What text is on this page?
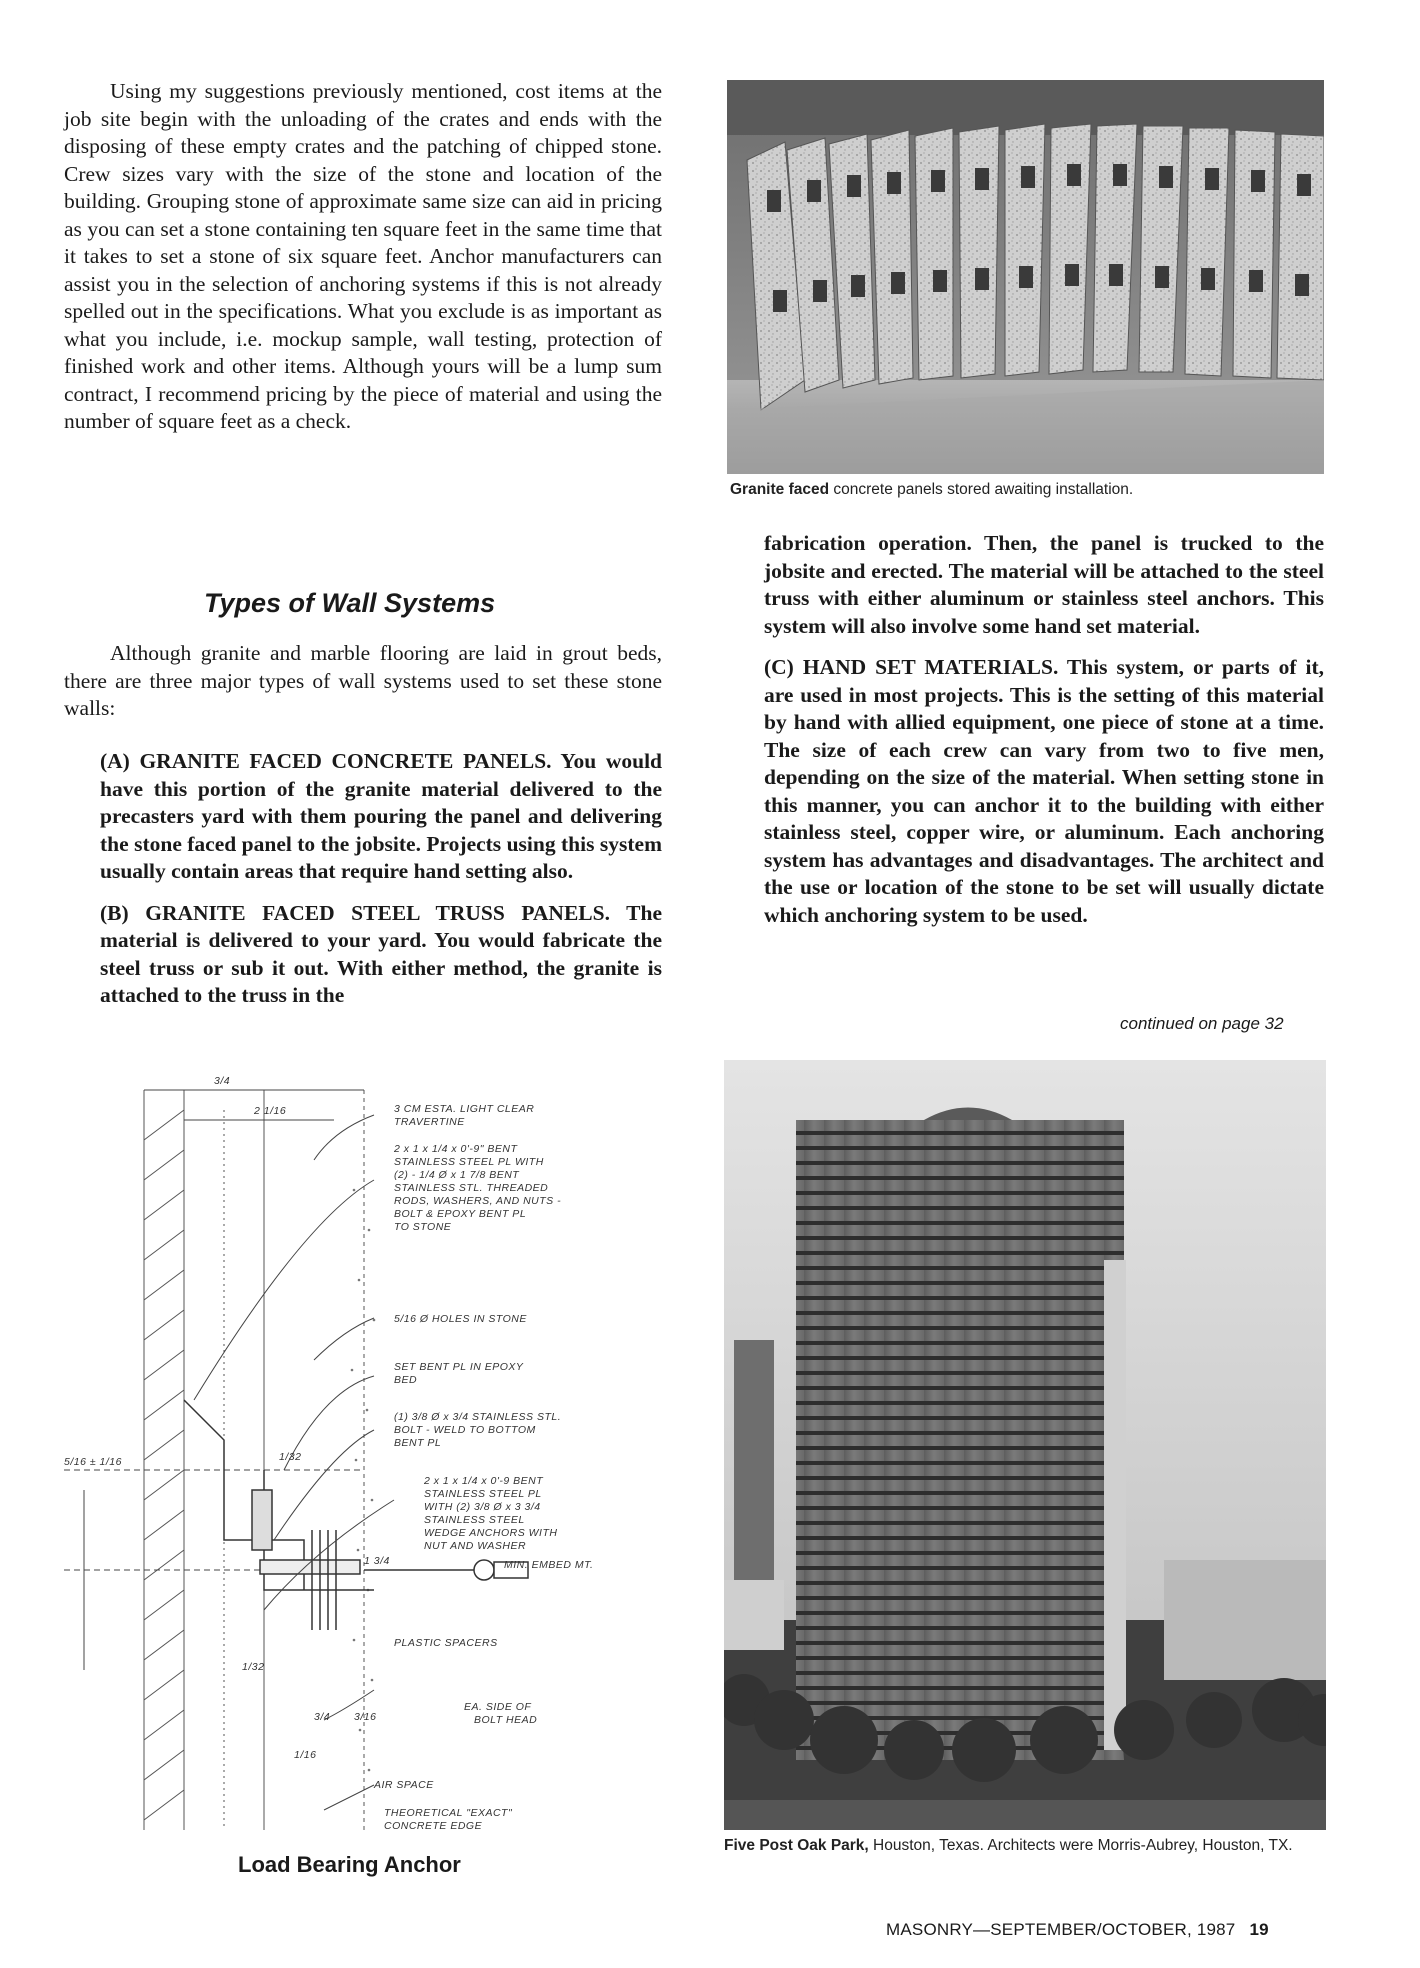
Using my suggestions previously mentioned, cost items at the job site begin with the unloading of the crates and ends with the disposing of these empty crates and the patching of chipped stone. Crew sizes vary with the size of the stone and location of the building. Grouping stone of approximate same size can aid in pricing as you can set a stone containing ten square feet in the same time that it takes to set a stone of six square feet. Anchor manufacturers can assist you in the selection of anchoring systems if this is not already spelled out in the specifications. What you exclude is as important as what you include, i.e. mockup sample, wall testing, protection of finished work and other items. Although yours will be a lump sum contract, I recommend pricing by the piece of material and using the number of square feet as a check.

Types of Wall Systems

Although granite and marble flooring are laid in grout beds, there are three major types of wall systems used to set these stone walls:

(A) GRANITE FACED CONCRETE PANELS. You would have this portion of the granite material delivered to the precasters yard with them pouring the panel and delivering the stone faced panel to the jobsite. Projects using this system usually contain areas that require hand setting also.

(B) GRANITE FACED STEEL TRUSS PANELS. The material is delivered to your yard. You would fabricate the steel truss or sub it out. With either method, the granite is attached to the truss in the

Granite faced concrete panels stored awaiting installation.

fabrication operation. Then, the panel is trucked to the jobsite and erected. The material will be attached to the steel truss with either aluminum or stainless steel anchors. This system will also involve some hand set material.

(C) HAND SET MATERIALS. This system, or parts of it, are used in most projects. This is the setting of this material by hand with allied equipment, one piece of stone at a time. The size of each crew can vary from two to five men, depending on the size of the material. When setting stone in this manner, you can anchor it to the building with either stainless steel, copper wire, or aluminum. Each anchoring system has advantages and disadvantages. The architect and the use or location of the stone to be set will usually dictate which anchoring system to be used.

continued on page 32
3/4
2 1/16
5/16 ± 1/16	1/32
1 3/4
1/32
3/4 3/16
1/16
3 CM ESTA. LIGHT CLEAR
TRAVERTINE
2 x 1 x 1/4 x 0'-9" BENT
STAINLESS STEEL PL WITH
(2) - 1/4 Ø x 1 7/8 BENT
STAINLESS STL. THREADED
RODS, WASHERS, AND NUTS -
BOLT & EPOXY BENT PL
TO STONE
5/16 Ø HOLES IN STONE
SET BENT PL IN EPOXY
BED
(1) 3/8 Ø x 3/4 STAINLESS STL.
BOLT - WELD TO BOTTOM
BENT PL
2 x 1 x 1/4 x 0'-9 BENT
STAINLESS STEEL PL
WITH (2) 3/8 Ø x 3 3/4
STAINLESS STEEL
WEDGE ANCHORS WITH
NUT AND WASHER
MIN. EMBED MT.
PLASTIC SPACERS
EA. SIDE OF
BOLT HEAD
AIR SPACE
THEORETICAL "EXACT"
CONCRETE EDGE
Load Bearing Anchor
Five Post Oak Park, Houston, Texas. Architects were Morris-Aubrey, Houston, TX.
MASONRY—SEPTEMBER/OCTOBER, 1987 19
